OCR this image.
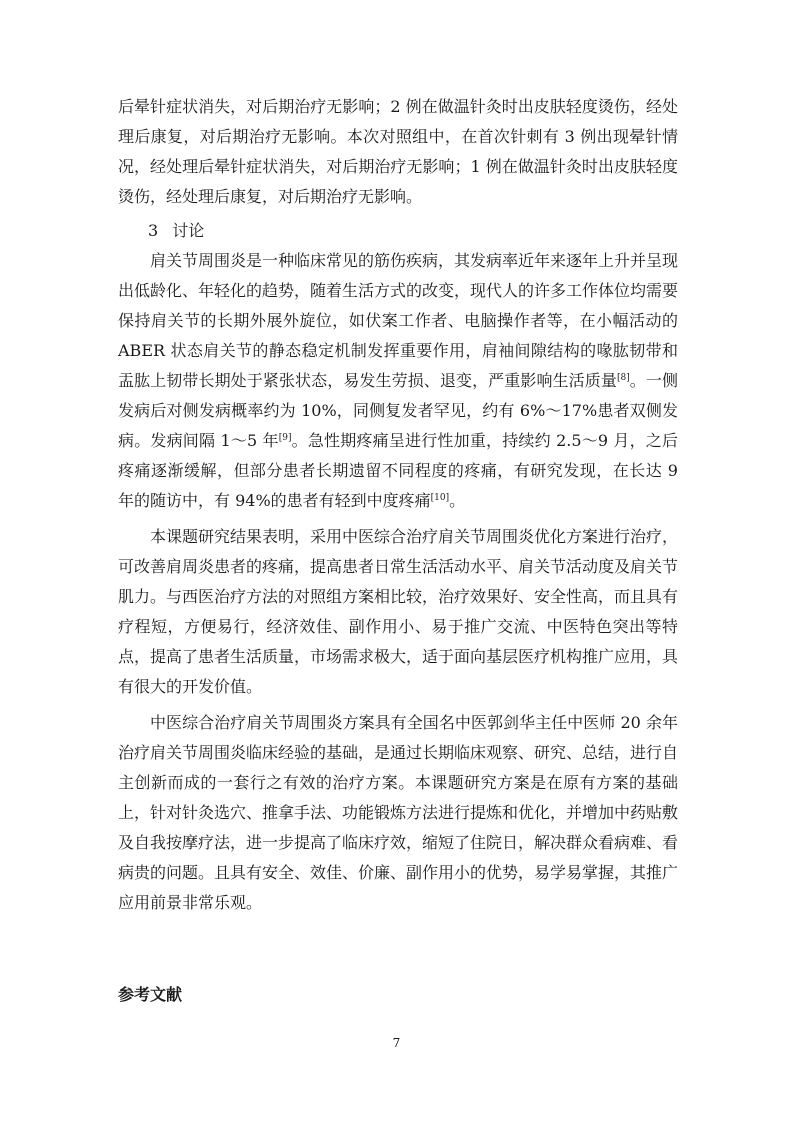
后晕针症状消失，对后期治疗无影响；2 例在做温针灸时出皮肤轻度烫伤，经处理后康复，对后期治疗无影响。本次对照组中，在首次针刺有 3 例出现晕针情况，经处理后晕针症状消失，对后期治疗无影响；1 例在做温针灸时出皮肤轻度烫伤，经处理后康复，对后期治疗无影响。

3 讨论

肩关节周围炎是一种临床常见的筋伤疾病，其发病率近年来逐年上升并呈现出低龄化、年轻化的趋势，随着生活方式的改变，现代人的许多工作体位均需要保持肩关节的长期外展外旋位，如伏案工作者、电脑操作者等，在小幅活动的 ABER 状态肩关节的静态稳定机制发挥重要作用，肩袖间隙结构的喙肱韧带和盂肱上韧带长期处于紧张状态，易发生劳损、退变，严重影响生活质量[8]。一侧发病后对侧发病概率约为 10%，同侧复发者罕见，约有 6%～17%患者双侧发病。发病间隔 1～5 年[9]。急性期疼痛呈进行性加重，持续约 2.5～9 月，之后疼痛逐渐缓解，但部分患者长期遗留不同程度的疼痛，有研究发现，在长达 9 年的随访中，有 94%的患者有轻到中度疼痛[10]。

本课题研究结果表明，采用中医综合治疗肩关节周围炎优化方案进行治疗，可改善肩周炎患者的疼痛，提高患者日常生活活动水平、肩关节活动度及肩关节肌力。与西医治疗方法的对照组方案相比较，治疗效果好、安全性高，而且具有疗程短，方便易行，经济效佳、副作用小、易于推广交流、中医特色突出等特点，提高了患者生活质量，市场需求极大，适于面向基层医疗机构推广应用，具有很大的开发价值。

中医综合治疗肩关节周围炎方案具有全国名中医郭剑华主任中医师 20 余年治疗肩关节周围炎临床经验的基础，是通过长期临床观察、研究、总结，进行自主创新而成的一套行之有效的治疗方案。本课题研究方案是在原有方案的基础上，针对针灸选穴、推拿手法、功能锻炼方法进行提炼和优化，并增加中药贴敷及自我按摩疗法，进一步提高了临床疗效，缩短了住院日，解决群众看病难、看病贵的问题。且具有安全、效佳、价廉、副作用小的优势，易学易掌握，其推广应用前景非常乐观。

参考文献

7
